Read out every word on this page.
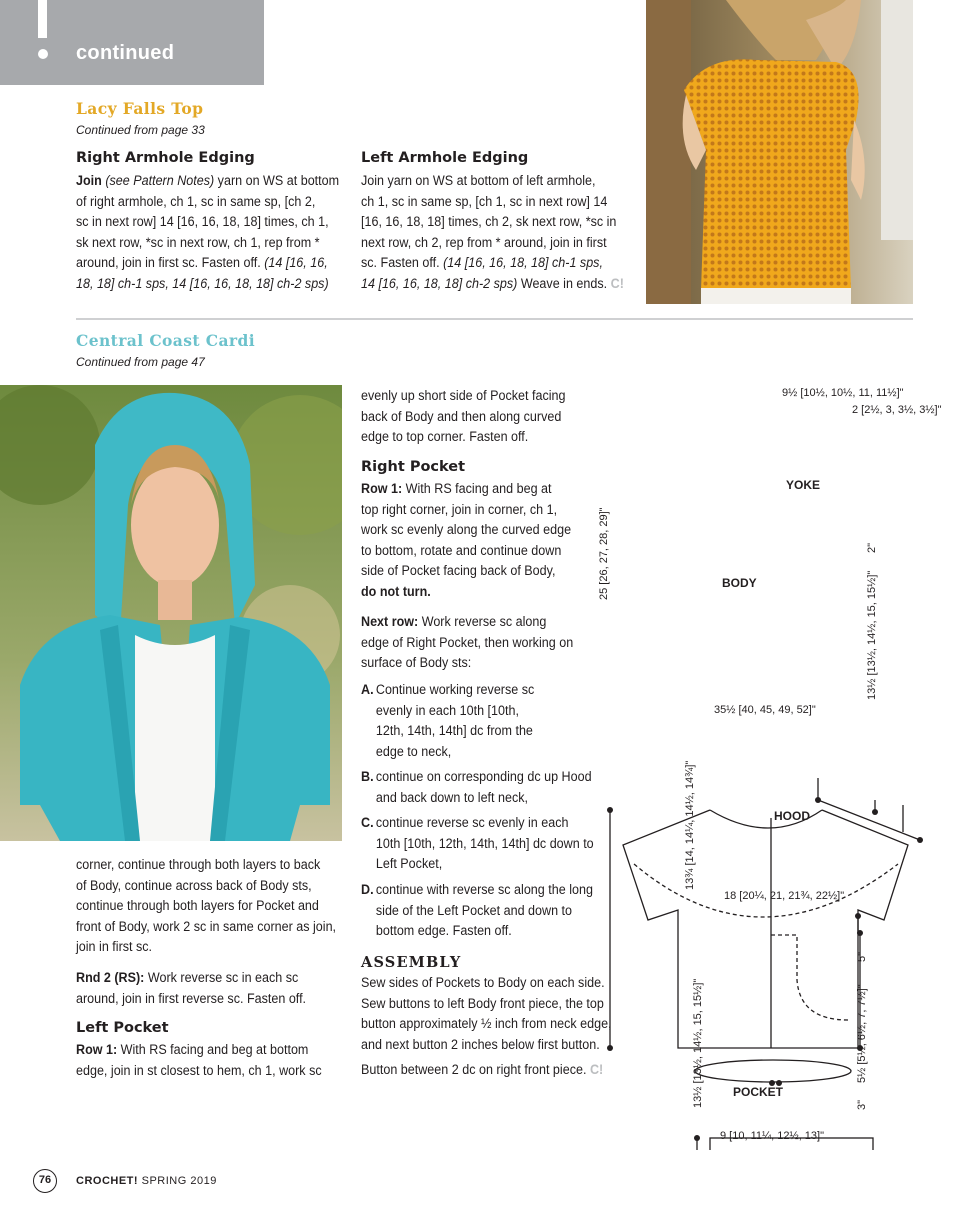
continued
Lacy Falls Top
Continued from page 33
Right Armhole Edging
Join (see Pattern Notes) yarn on WS at bottom
of right armhole, ch 1, sc in same sp, [ch 2,
sc in next row] 14 [16, 16, 18, 18] times, ch 1,
sk next row, *sc in next row, ch 1, rep from *
around, join in first sc. Fasten off. (14 [16, 16,
18, 18] ch-1 sps, 14 [16, 16, 18, 18] ch-2 sps)
Left Armhole Edging
Join yarn on WS at bottom of left armhole,
ch 1, sc in same sp, [ch 1, sc in next row] 14
[16, 16, 18, 18] times, ch 2, sk next row, *sc in
next row, ch 2, rep from * around, join in first
sc. Fasten off. (14 [16, 16, 18, 18] ch-1 sps,
14 [16, 16, 18, 18] ch-2 sps) Weave in ends. C!
Central Coast Cardi
Continued from page 47
corner, continue through both layers to back
of Body, continue across back of Body sts,
continue through both layers for Pocket and
front of Body, work 2 sc in same corner as join,
join in first sc.
Rnd 2 (RS): Work reverse sc in each sc
around, join in first reverse sc. Fasten off.
Left Pocket
Row 1: With RS facing and beg at bottom
edge, join in st closest to hem, ch 1, work sc
evenly up short side of Pocket facing
back of Body and then along curved
edge to top corner. Fasten off.
Right Pocket
Row 1: With RS facing and beg at
top right corner, join in corner, ch 1,
work sc evenly along the curved edge
to bottom, rotate and continue down
side of Pocket facing back of Body,
do not turn.
Next row: Work reverse sc along
edge of Right Pocket, then working on
surface of Body sts:
A. Continue working reverse sc
evenly in each 10th [10th,
12th, 14th, 14th] dc from the
edge to neck,
B. continue on corresponding dc up Hood
and back down to left neck,
C. continue reverse sc evenly in each
10th [10th, 12th, 14th, 14th] dc down to
Left Pocket,
D. continue with reverse sc along the long
side of the Left Pocket and down to
bottom edge. Fasten off.
ASSEMBLY
Sew sides of Pockets to Body on each side.
Sew buttons to left Body front piece, the top
button approximately ½ inch from neck edge,
and next button 2 inches below first button.
Button between 2 dc on right front piece. C!
9½ [10½, 10½, 11, 11½]"
2 [2½, 3, 3½, 3½]"
YOKE
BODY
25 [26, 27, 28, 29]"	2"
13½ [13½, 14½, 15, 15½]"
35½ [40, 45, 49, 52]"
HOOD
13¾ [14, 14¼, 14½, 14¾]"
18 [20¼, 21, 21¾, 22½]"
POCKET
13½ [13½, 14½, 15, 15½]"
5"
5½ [5½, 6½, 7, 7½]"
3"
9 [10, 11¼, 12½, 13]"
76	CROCHET! SPRING 2019
